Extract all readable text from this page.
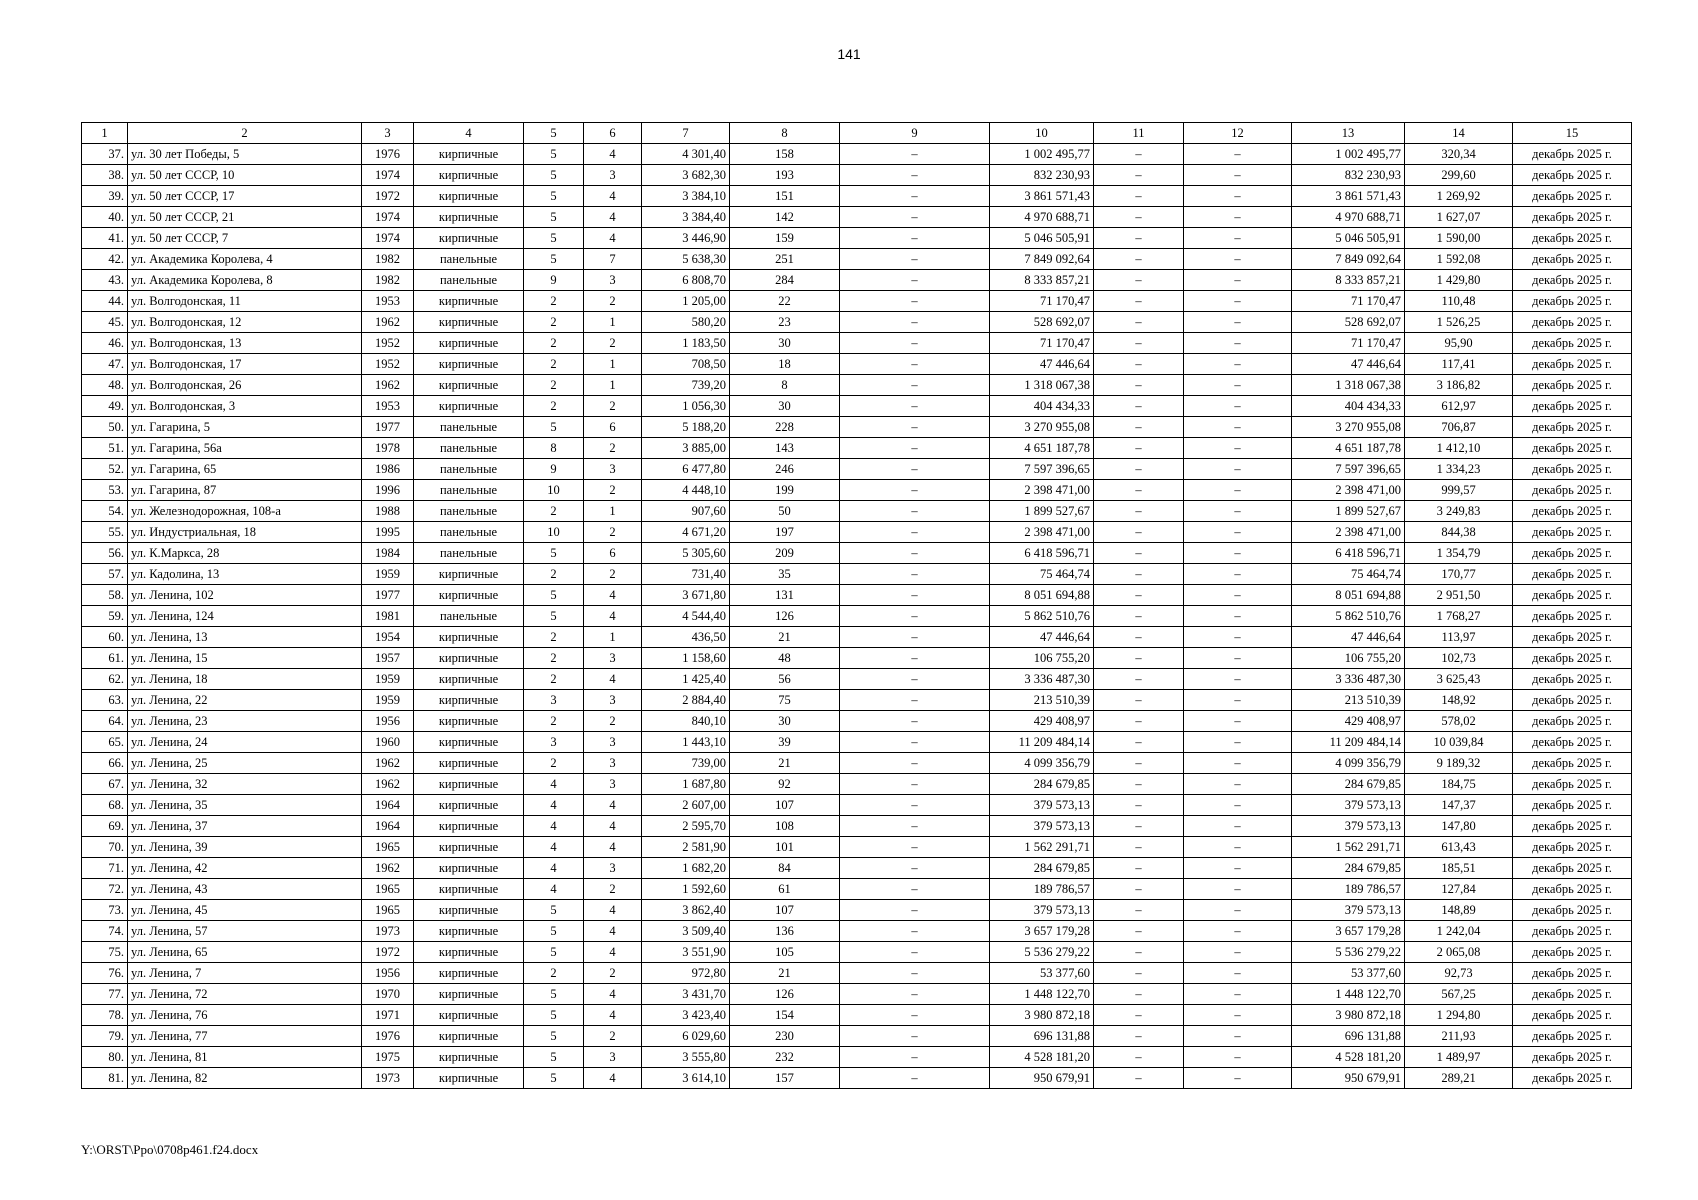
141
1	2	3	4	5	6	7	8	9	10	11	12	13	14	15
37.	ул. 30 лет Победы, 5	1976	кирпичные	5	4	4 301,40	158	–	1 002 495,77	–	–	1 002 495,77	320,34	декабрь 2025 г.
38.	ул. 50 лет СССР, 10	1974	кирпичные	5	3	3 682,30	193	–	832 230,93	–	–	832 230,93	299,60	декабрь 2025 г.
39.	ул. 50 лет СССР, 17	1972	кирпичные	5	4	3 384,10	151	–	3 861 571,43	–	–	3 861 571,43	1 269,92	декабрь 2025 г.
40.	ул. 50 лет СССР, 21	1974	кирпичные	5	4	3 384,40	142	–	4 970 688,71	–	–	4 970 688,71	1 627,07	декабрь 2025 г.
41.	ул. 50 лет СССР, 7	1974	кирпичные	5	4	3 446,90	159	–	5 046 505,91	–	–	5 046 505,91	1 590,00	декабрь 2025 г.
42.	ул. Академика Королева, 4	1982	панельные	5	7	5 638,30	251	–	7 849 092,64	–	–	7 849 092,64	1 592,08	декабрь 2025 г.
43.	ул. Академика Королева, 8	1982	панельные	9	3	6 808,70	284	–	8 333 857,21	–	–	8 333 857,21	1 429,80	декабрь 2025 г.
44.	ул. Волгодонская, 11	1953	кирпичные	2	2	1 205,00	22	–	71 170,47	–	–	71 170,47	110,48	декабрь 2025 г.
45.	ул. Волгодонская, 12	1962	кирпичные	2	1	580,20	23	–	528 692,07	–	–	528 692,07	1 526,25	декабрь 2025 г.
46.	ул. Волгодонская, 13	1952	кирпичные	2	2	1 183,50	30	–	71 170,47	–	–	71 170,47	95,90	декабрь 2025 г.
47.	ул. Волгодонская, 17	1952	кирпичные	2	1	708,50	18	–	47 446,64	–	–	47 446,64	117,41	декабрь 2025 г.
48.	ул. Волгодонская, 26	1962	кирпичные	2	1	739,20	8	–	1 318 067,38	–	–	1 318 067,38	3 186,82	декабрь 2025 г.
49.	ул. Волгодонская, 3	1953	кирпичные	2	2	1 056,30	30	–	404 434,33	–	–	404 434,33	612,97	декабрь 2025 г.
50.	ул. Гагарина, 5	1977	панельные	5	6	5 188,20	228	–	3 270 955,08	–	–	3 270 955,08	706,87	декабрь 2025 г.
51.	ул. Гагарина, 56а	1978	панельные	8	2	3 885,00	143	–	4 651 187,78	–	–	4 651 187,78	1 412,10	декабрь 2025 г.
52.	ул. Гагарина, 65	1986	панельные	9	3	6 477,80	246	–	7 597 396,65	–	–	7 597 396,65	1 334,23	декабрь 2025 г.
53.	ул. Гагарина, 87	1996	панельные	10	2	4 448,10	199	–	2 398 471,00	–	–	2 398 471,00	999,57	декабрь 2025 г.
54.	ул. Железнодорожная, 108-а	1988	панельные	2	1	907,60	50	–	1 899 527,67	–	–	1 899 527,67	3 249,83	декабрь 2025 г.
55.	ул. Индустриальная, 18	1995	панельные	10	2	4 671,20	197	–	2 398 471,00	–	–	2 398 471,00	844,38	декабрь 2025 г.
56.	ул. К.Маркса, 28	1984	панельные	5	6	5 305,60	209	–	6 418 596,71	–	–	6 418 596,71	1 354,79	декабрь 2025 г.
57.	ул. Кадолина, 13	1959	кирпичные	2	2	731,40	35	–	75 464,74	–	–	75 464,74	170,77	декабрь 2025 г.
58.	ул. Ленина, 102	1977	кирпичные	5	4	3 671,80	131	–	8 051 694,88	–	–	8 051 694,88	2 951,50	декабрь 2025 г.
59.	ул. Ленина, 124	1981	панельные	5	4	4 544,40	126	–	5 862 510,76	–	–	5 862 510,76	1 768,27	декабрь 2025 г.
60.	ул. Ленина, 13	1954	кирпичные	2	1	436,50	21	–	47 446,64	–	–	47 446,64	113,97	декабрь 2025 г.
61.	ул. Ленина, 15	1957	кирпичные	2	3	1 158,60	48	–	106 755,20	–	–	106 755,20	102,73	декабрь 2025 г.
62.	ул. Ленина, 18	1959	кирпичные	2	4	1 425,40	56	–	3 336 487,30	–	–	3 336 487,30	3 625,43	декабрь 2025 г.
63.	ул. Ленина, 22	1959	кирпичные	3	3	2 884,40	75	–	213 510,39	–	–	213 510,39	148,92	декабрь 2025 г.
64.	ул. Ленина, 23	1956	кирпичные	2	2	840,10	30	–	429 408,97	–	–	429 408,97	578,02	декабрь 2025 г.
65.	ул. Ленина, 24	1960	кирпичные	3	3	1 443,10	39	–	11 209 484,14	–	–	11 209 484,14	10 039,84	декабрь 2025 г.
66.	ул. Ленина, 25	1962	кирпичные	2	3	739,00	21	–	4 099 356,79	–	–	4 099 356,79	9 189,32	декабрь 2025 г.
67.	ул. Ленина, 32	1962	кирпичные	4	3	1 687,80	92	–	284 679,85	–	–	284 679,85	184,75	декабрь 2025 г.
68.	ул. Ленина, 35	1964	кирпичные	4	4	2 607,00	107	–	379 573,13	–	–	379 573,13	147,37	декабрь 2025 г.
69.	ул. Ленина, 37	1964	кирпичные	4	4	2 595,70	108	–	379 573,13	–	–	379 573,13	147,80	декабрь 2025 г.
70.	ул. Ленина, 39	1965	кирпичные	4	4	2 581,90	101	–	1 562 291,71	–	–	1 562 291,71	613,43	декабрь 2025 г.
71.	ул. Ленина, 42	1962	кирпичные	4	3	1 682,20	84	–	284 679,85	–	–	284 679,85	185,51	декабрь 2025 г.
72.	ул. Ленина, 43	1965	кирпичные	4	2	1 592,60	61	–	189 786,57	–	–	189 786,57	127,84	декабрь 2025 г.
73.	ул. Ленина, 45	1965	кирпичные	5	4	3 862,40	107	–	379 573,13	–	–	379 573,13	148,89	декабрь 2025 г.
74.	ул. Ленина, 57	1973	кирпичные	5	4	3 509,40	136	–	3 657 179,28	–	–	3 657 179,28	1 242,04	декабрь 2025 г.
75.	ул. Ленина, 65	1972	кирпичные	5	4	3 551,90	105	–	5 536 279,22	–	–	5 536 279,22	2 065,08	декабрь 2025 г.
76.	ул. Ленина, 7	1956	кирпичные	2	2	972,80	21	–	53 377,60	–	–	53 377,60	92,73	декабрь 2025 г.
77.	ул. Ленина, 72	1970	кирпичные	5	4	3 431,70	126	–	1 448 122,70	–	–	1 448 122,70	567,25	декабрь 2025 г.
78.	ул. Ленина, 76	1971	кирпичные	5	4	3 423,40	154	–	3 980 872,18	–	–	3 980 872,18	1 294,80	декабрь 2025 г.
79.	ул. Ленина, 77	1976	кирпичные	5	2	6 029,60	230	–	696 131,88	–	–	696 131,88	211,93	декабрь 2025 г.
80.	ул. Ленина, 81	1975	кирпичные	5	3	3 555,80	232	–	4 528 181,20	–	–	4 528 181,20	1 489,97	декабрь 2025 г.
81.	ул. Ленина, 82	1973	кирпичные	5	4	3 614,10	157	–	950 679,91	–	–	950 679,91	289,21	декабрь 2025 г.
Y:\ORST\Ppo\0708p461.f24.docx
